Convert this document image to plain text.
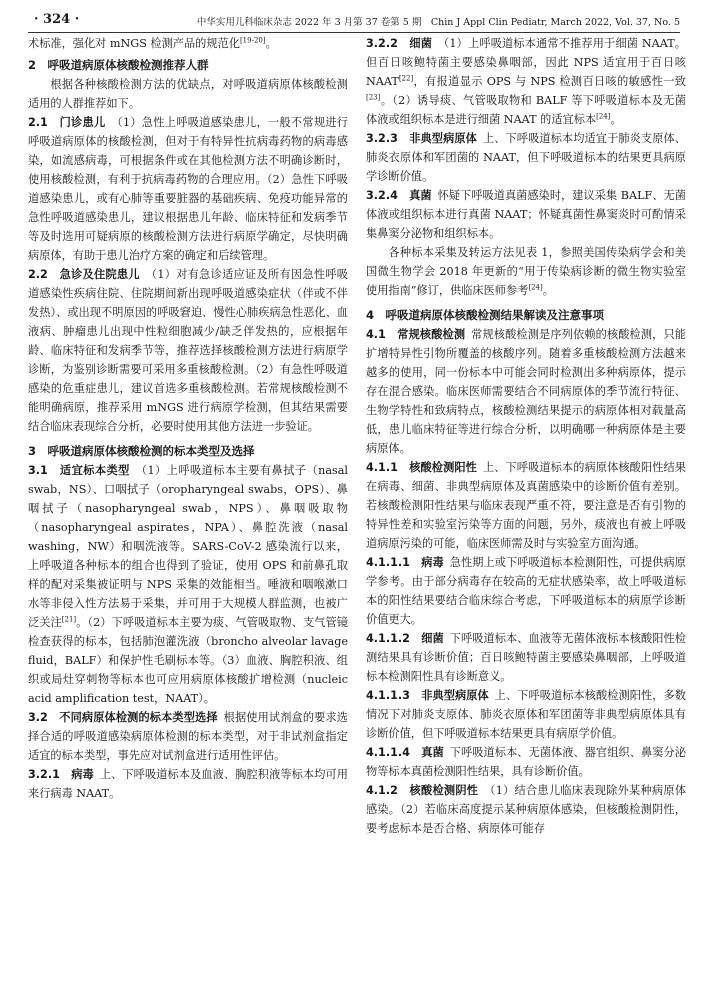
· 324 ·	中华实用儿科临床杂志 2022 年 3 月第 37 卷第 5 期　Chin J Appl Clin Pediatr, March 2022, Vol. 37, No. 5

术标准，强化对 mNGS 检测产品的规范化[19-20]。

2　呼吸道病原体核酸检测推荐人群

根据各种核酸检测方法的优缺点，对呼吸道病原体核酸检测适用的人群推荐如下。

2.1　门诊患儿 （1）急性上呼吸道感染患儿，一般不常规进行呼吸道病原体的核酸检测，但对于有特异性抗病毒药物的病毒感染，如流感病毒，可根据条件或在其他检测方法不明确诊断时，使用核酸检测，有利于抗病毒药物的合理应用。（2）急性下呼吸道感染患儿，或有心肺等重要脏器的基础疾病、免疫功能异常的急性呼吸道感染患儿，建议根据患儿年龄、临床特征和发病季节等及时选用可疑病原的核酸检测方法进行病原学确定，尽快明确病原体，有助于患儿治疗方案的确定和后续管理。

2.2　急诊及住院患儿 （1）对有急诊适应证及所有因急性呼吸道感染性疾病住院、住院期间新出现呼吸道感染症状（伴或不伴发热）、或出现不明原因的呼吸窘迫、慢性心肺疾病急性恶化、血液病、肿瘤患儿出现中性粒细胞减少/缺乏伴发热的，应根据年龄、临床特征和发病季节等，推荐选择核酸检测方法进行病原学诊断，为鉴别诊断需要可采用多重核酸检测。（2）有急性呼吸道感染的危重症患儿，建议首选多重核酸检测。若常规核酸检测不能明确病原，推荐采用 mNGS 进行病原学检测，但其结果需要结合临床表现综合分析，必要时使用其他方法进一步验证。

3　呼吸道病原体核酸检测的标本类型及选择

3.1　适宜标本类型 （1）上呼吸道标本主要有鼻拭子（nasal swab，NS）、口咽拭子（oropharyngeal swabs，OPS）、鼻咽拭子（nasopharyngeal swab，NPS）、鼻咽吸取物（nasopharyngeal aspirates，NPA）、鼻腔洗液（nasal washing，NW）和咽洗液等。SARS-CoV-2 感染流行以来，上呼吸道各种标本的组合也得到了验证，使用 OPS 和前鼻孔取样的配对采集被证明与 NPS 采集的效能相当。唾液和咽喉漱口水等非侵入性方法易于采集，并可用于大规模人群监测，也被广泛关注[21]。（2）下呼吸道标本主要为痰、气管吸取物、支气管镜检查获得的标本，包括肺泡灌洗液（broncho alveolar lavage fluid，BALF）和保护性毛刷标本等。（3）血液、胸腔积液、组织或局灶穿刺物等标本也可应用病原体核酸扩增检测（nucleic acid amplification test，NAAT）。

3.2　不同病原体检测的标本类型选择 根据使用试剂盒的要求选择合适的呼吸道感染病原体检测的标本类型，对于非试剂盒指定适宜的标本类型，事先应对试剂盒进行适用性评估。

3.2.1　病毒 上、下呼吸道标本及血液、胸腔积液等标本均可用来行病毒 NAAT。

3.2.2　细菌 （1）上呼吸道标本通常不推荐用于细菌 NAAT。但百日咳鲍特菌主要感染鼻咽部，因此 NPS 适宜用于百日咳 NAAT[22]，有报道显示 OPS 与 NPS 检测百日咳的敏感性一致[23]。（2）诱导痰、气管吸取物和 BALF 等下呼吸道标本及无菌体液或组织标本是进行细菌 NAAT 的适宜标本[24]。

3.2.3　非典型病原体 上、下呼吸道标本均适宜于肺炎支原体、肺炎衣原体和军团菌的 NAAT，但下呼吸道标本的结果更具病原学诊断价值。

3.2.4　真菌 怀疑下呼吸道真菌感染时，建议采集 BALF、无菌体液或组织标本进行真菌 NAAT；怀疑真菌性鼻窦炎时可酌情采集鼻窦分泌物和组织标本。

各种标本采集及转运方法见表 1，参照美国传染病学会和美国微生物学会 2018 年更新的“用于传染病诊断的微生物实验室使用指南”修订，供临床医师参考[24]。

4　呼吸道病原体核酸检测结果解读及注意事项

4.1　常规核酸检测 常规核酸检测是序列依赖的核酸检测，只能扩增特异性引物所覆盖的核酸序列。随着多重核酸检测方法越来越多的使用，同一份标本中可能会同时检测出多种病原体，提示存在混合感染。临床医师需要结合不同病原体的季节流行特征、生物学特性和致病特点，核酸检测结果提示的病原体相对载量高低，患儿临床特征等进行综合分析，以明确哪一种病原体是主要病原体。

4.1.1　核酸检测阳性 上、下呼吸道标本的病原体核酸阳性结果在病毒、细菌、非典型病原体及真菌感染中的诊断价值有差别。若核酸检测阳性结果与临床表现严重不符，要注意是否有引物的特异性差和实验室污染等方面的问题，另外，痰液也有被上呼吸道病原污染的可能，临床医师需及时与实验室方面沟通。

4.1.1.1　病毒 急性期上或下呼吸道标本检测阳性，可提供病原学参考。由于部分病毒存在较高的无症状感染率，故上呼吸道标本的阳性结果要结合临床综合考虑，下呼吸道标本的病原学诊断价值更大。

4.1.1.2　细菌 下呼吸道标本、血液等无菌体液标本核酸阳性检测结果具有诊断价值；百日咳鲍特菌主要感染鼻咽部，上呼吸道标本检测阳性具有诊断意义。

4.1.1.3　非典型病原体 上、下呼吸道标本核酸检测阳性，多数情况下对肺炎支原体、肺炎衣原体和军团菌等非典型病原体具有诊断价值，但下呼吸道标本结果更具有病原学价值。

4.1.1.4　真菌 下呼吸道标本、无菌体液、器官组织、鼻窦分泌物等标本真菌检测阳性结果，具有诊断价值。

4.1.2　核酸检测阴性 （1）结合患儿临床表现除外某种病原体感染。（2）若临床高度提示某种病原体感染，但核酸检测阴性，要考虑标本是否合格、病原体可能存
